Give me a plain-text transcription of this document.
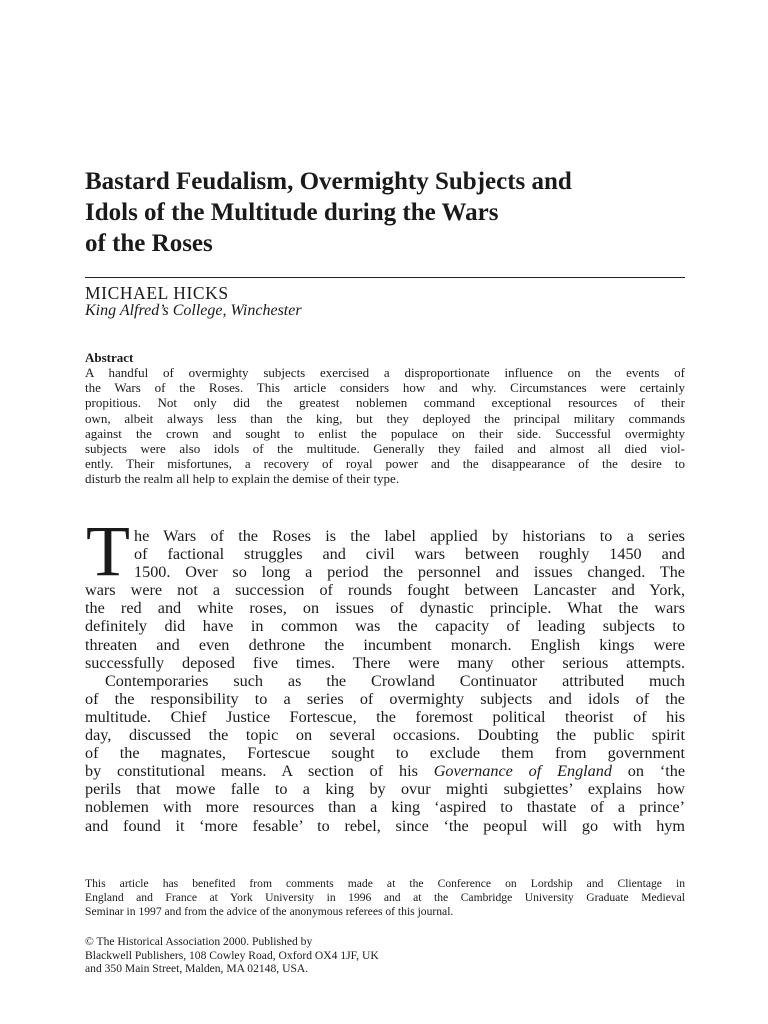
Bastard Feudalism, Overmighty Subjects and
Idols of the Multitude during the Wars
of the Roses
MICHAEL HICKS
King Alfred’s College, Winchester
Abstract
A handful of overmighty subjects exercised a disproportionate influence on the events of
the Wars of the Roses. This article considers how and why. Circumstances were certainly
propitious. Not only did the greatest noblemen command exceptional resources of their
own, albeit always less than the king, but they deployed the principal military commands
against the crown and sought to enlist the populace on their side. Successful overmighty
subjects were also idols of the multitude. Generally they failed and almost all died viol-
ently. Their misfortunes, a recovery of royal power and the disappearance of the desire to
disturb the realm all help to explain the demise of their type.
T he Wars of the Roses is the label applied by historians to a series
of factional struggles and civil wars between roughly 1450 and
1500. Over so long a period the personnel and issues changed. The
wars were not a succession of rounds fought between Lancaster and York,
the red and white roses, on issues of dynastic principle. What the wars
definitely did have in common was the capacity of leading subjects to
threaten and even dethrone the incumbent monarch. English kings were
successfully deposed five times. There were many other serious attempts.
Contemporaries such as the Crowland Continuator attributed much
of the responsibility to a series of overmighty subjects and idols of the
multitude. Chief Justice Fortescue, the foremost political theorist of his
day, discussed the topic on several occasions. Doubting the public spirit
of the magnates, Fortescue sought to exclude them from government
by constitutional means. A section of his Governance of England on ‘the
perils that mowe falle to a king by ovur mighti subgiettes’ explains how
noblemen with more resources than a king ‘aspired to thastate of a prince’
and found it ‘more fesable’ to rebel, since ‘the peopul will go with hym
This article has benefited from comments made at the Conference on Lordship and Clientage in
England and France at York University in 1996 and at the Cambridge University Graduate Medieval
Seminar in 1997 and from the advice of the anonymous referees of this journal.
© The Historical Association 2000. Published by
Blackwell Publishers, 108 Cowley Road, Oxford OX4 1JF, UK
and 350 Main Street, Malden, MA 02148, USA.
